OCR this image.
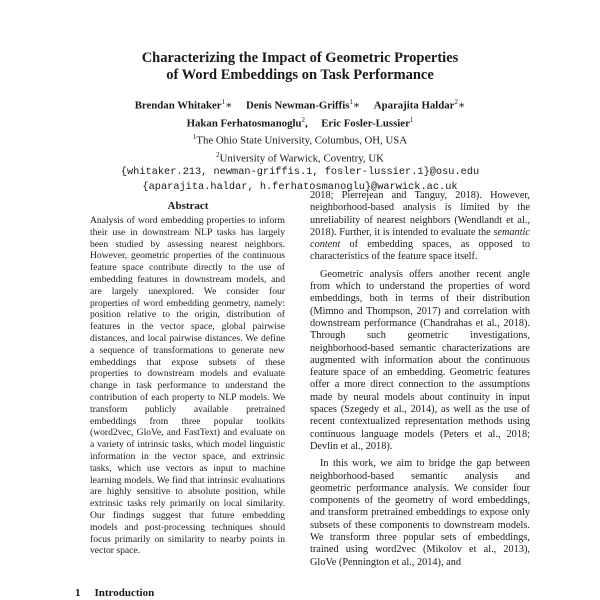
Characterizing the Impact of Geometric Properties
of Word Embeddings on Task Performance
Brendan Whitaker$^1$∗ Denis Newman-Griffis$^1$∗ Aparajita Haldar$^2$∗
Hakan Ferhatosmanoglu$^2$, Eric Fosler-Lussier$^1$
$^1$The Ohio State University, Columbus, OH, USA
$^2$University of Warwick, Coventry, UK
{whitaker.213, newman-griffis.1, fosler-lussier.1}@osu.edu
{aparajita.haldar, h.ferhatosmanoglu}@warwick.ac.uk
Abstract
Analysis of word embedding properties to inform their use in downstream NLP tasks has largely been studied by assessing nearest neighbors. However, geometric properties of the continuous feature space contribute directly to the use of embedding features in downstream models, and are largely unexplored. We consider four properties of word embedding geometry, namely: position relative to the origin, distribution of features in the vector space, global pairwise distances, and local pairwise distances. We define a sequence of transformations to generate new embeddings that expose subsets of these properties to downstream models and evaluate change in task performance to understand the contribution of each property to NLP models. We transform publicly available pretrained embeddings from three popular toolkits (word2vec, GloVe, and FastText) and evaluate on a variety of intrinsic tasks, which model linguistic information in the vector space, and extrinsic tasks, which use vectors as input to machine learning models. We find that intrinsic evaluations are highly sensitive to absolute position, while extrinsic tasks rely primarily on local similarity. Our findings suggest that future embedding models and post-processing techniques should focus primarily on similarity to nearby points in vector space.
1 Introduction

2018; Pierrejean and Tanguy, 2018). However, neighborhood-based analysis is limited by the unreliability of nearest neighbors (Wendlandt et al., 2018). Further, it is intended to evaluate the semantic content of embedding spaces, as opposed to characteristics of the feature space itself.

Geometric analysis offers another recent angle from which to understand the properties of word embeddings, both in terms of their distribution (Mimno and Thompson, 2017) and correlation with downstream performance (Chandrahas et al., 2018). Through such geometric investigations, neighborhood-based semantic characterizations are augmented with information about the continuous feature space of an embedding. Geometric features offer a more direct connection to the assumptions made by neural models about continuity in input spaces (Szegedy et al., 2014), as well as the use of recent contextualized representation methods using continuous language models (Peters et al., 2018; Devlin et al., 2018).

In this work, we aim to bridge the gap between neighborhood-based semantic analysis and geometric performance analysis. We consider four components of the geometry of word embeddings, and transform pretrained embeddings to expose only subsets of these components to downstream models. We transform three popular sets of embeddings, trained using word2vec (Mikolov et al., 2013), GloVe (Pennington et al., 2014), and
